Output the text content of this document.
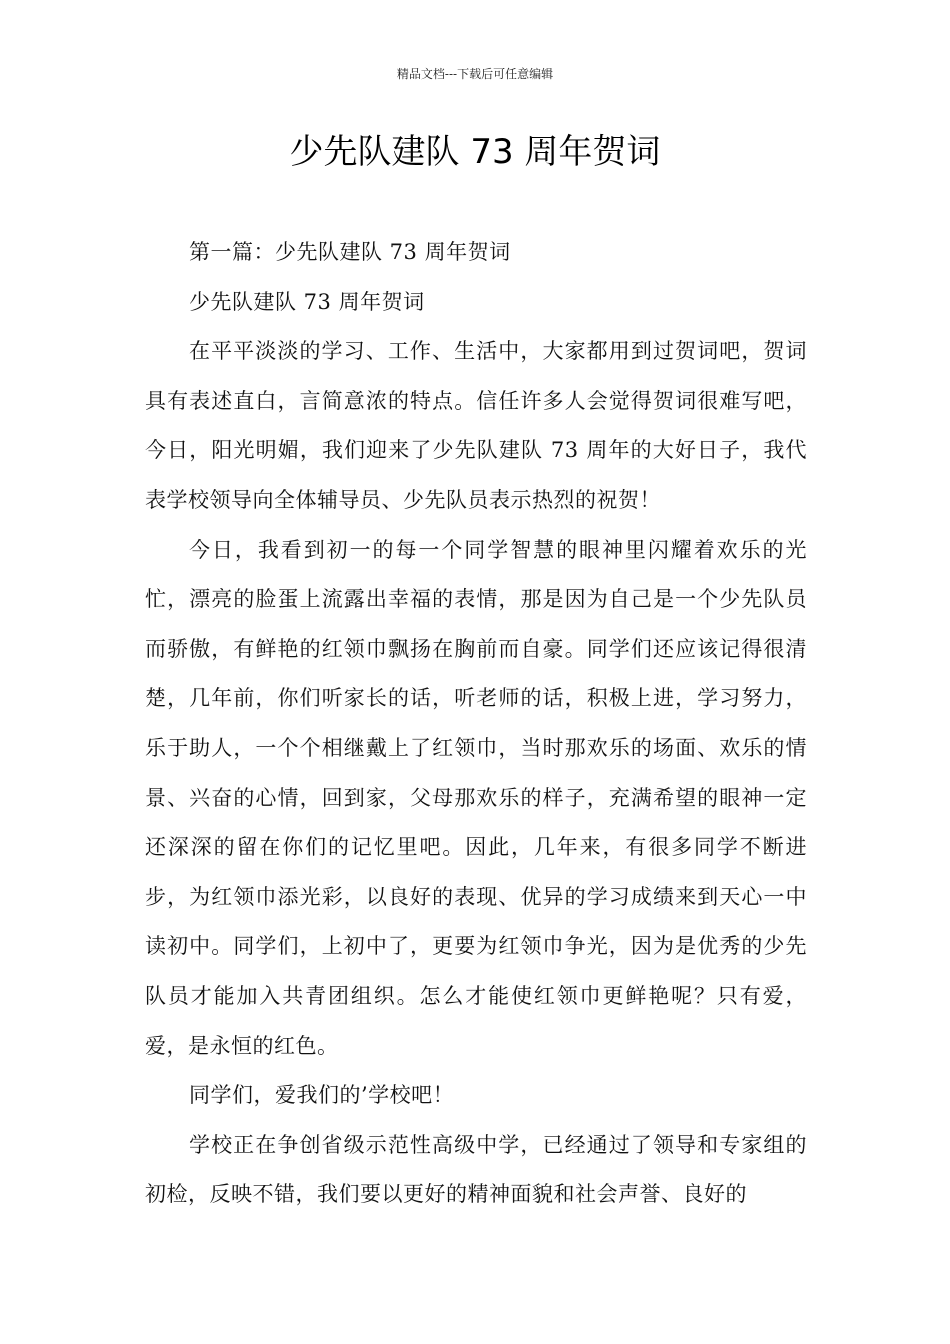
精品文档---下载后可任意编辑
少先队建队 73 周年贺词

第一篇：少先队建队 73 周年贺词

少先队建队 73 周年贺词

在平平淡淡的学习、工作、生活中，大家都用到过贺词吧，贺词具有表述直白，言简意浓的特点。信任许多人会觉得贺词很难写吧，今日，阳光明媚，我们迎来了少先队建队 73 周年的大好日子，我代表学校领导向全体辅导员、少先队员表示热烈的祝贺！

今日，我看到初一的每一个同学智慧的眼神里闪耀着欢乐的光忙，漂亮的脸蛋上流露出幸福的表情，那是因为自己是一个少先队员而骄傲，有鲜艳的红领巾飘扬在胸前而自豪。同学们还应该记得很清楚，几年前，你们听家长的话，听老师的话，积极上进，学习努力，乐于助人，一个个相继戴上了红领巾，当时那欢乐的场面、欢乐的情景、兴奋的心情，回到家，父母那欢乐的样子，充满希望的眼神一定还深深的留在你们的记忆里吧。因此，几年来，有很多同学不断进步，为红领巾添光彩，以良好的表现、优异的学习成绩来到天心一中读初中。同学们，上初中了，更要为红领巾争光，因为是优秀的少先队员才能加入共青团组织。怎么才能使红领巾更鲜艳呢？只有爱，爱，是永恒的红色。

同学们，爱我们的’学校吧！

学校正在争创省级示范性高级中学，已经通过了领导和专家组的初检，反映不错，我们要以更好的精神面貌和社会声誉、良好的
